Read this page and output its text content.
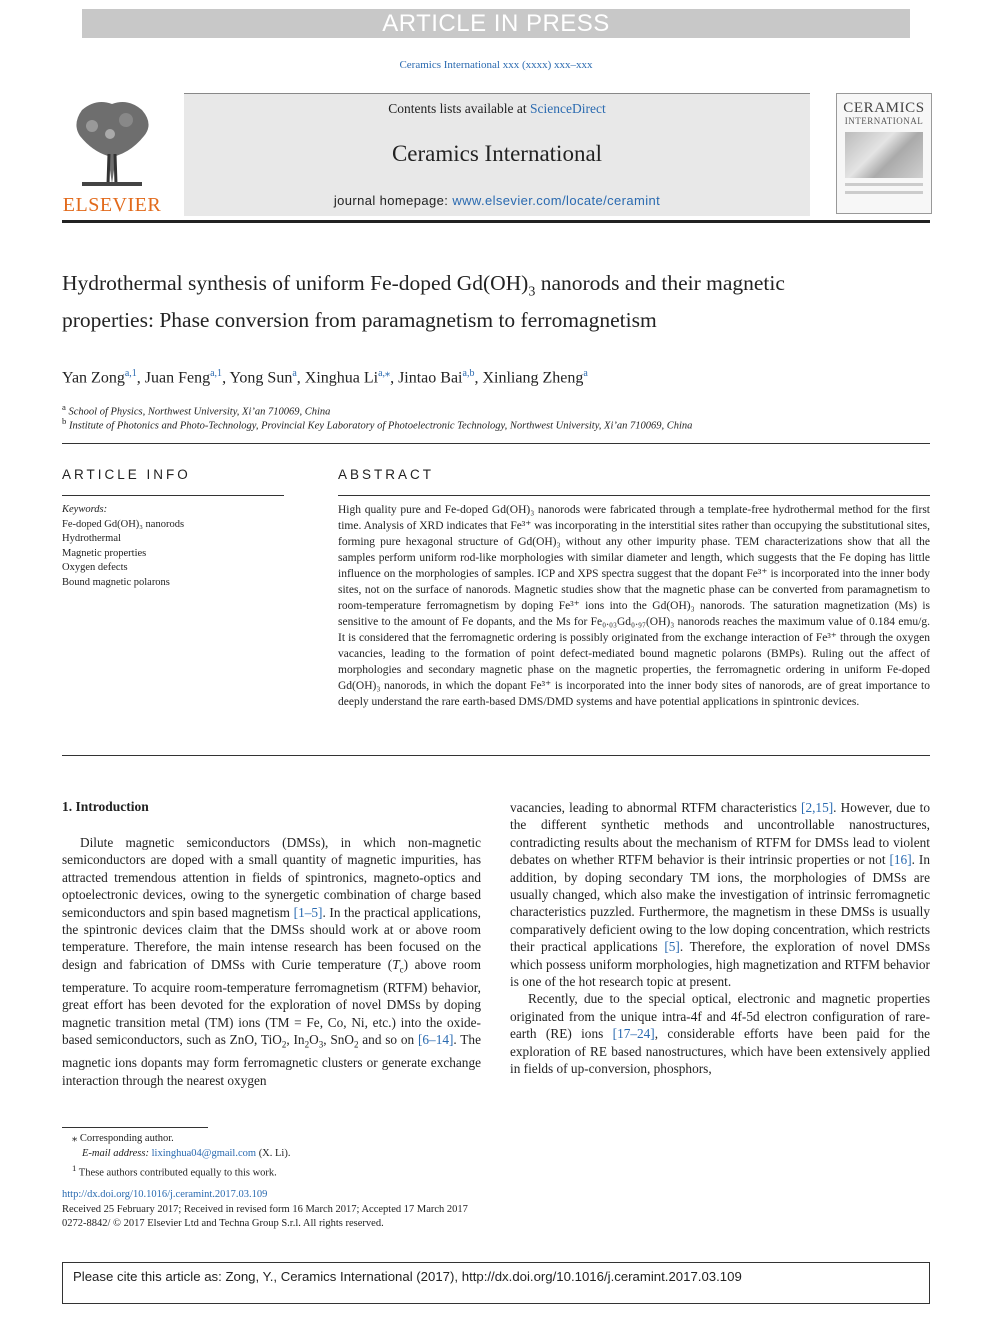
ARTICLE IN PRESS
Ceramics International xxx (xxxx) xxx–xxx
ELSEVIER
Contents lists available at ScienceDirect
Ceramics International
journal homepage: www.elsevier.com/locate/ceramint
CERAMICS
INTERNATIONAL
Hydrothermal synthesis of uniform Fe-doped $Gd(OH)_3$ nanorods and their magnetic properties: Phase conversion from paramagnetism to ferromagnetism
Yan Zong$^{a,1}$, Juan Feng$^{a,1}$, Yong Sun$^a$, Xinghua $Li^{a,⁎}$, Jintao Bai$^{a,b}$, Xinliang Zheng$^a$
$^a$ School of Physics, Northwest University, Xi’an 710069, China
$^b$ Institute of Photonics and Photo-Technology, Provincial Key Laboratory of Photoelectronic Technology, Northwest University, Xi’an 710069, China
ARTICLE INFO
Keywords:
Fe-doped Gd(OH)₃ nanorods
Hydrothermal
Magnetic properties
Oxygen defects
Bound magnetic polarons
ABSTRACT
High quality pure and Fe-doped Gd(OH)₃ nanorods were fabricated through a template-free hydrothermal method for the first time. Analysis of XRD indicates that Fe³⁺ was incorporating in the interstitial sites rather than occupying the substitutional sites, forming pure hexagonal structure of Gd(OH)₃ without any other impurity phase. TEM characterizations show that all the samples perform uniform rod-like morphologies with similar diameter and length, which suggests that the Fe doping has little influence on the morphologies of samples. ICP and XPS spectra suggest that the dopant Fe³⁺ is incorporated into the inner body sites, not on the surface of nanorods. Magnetic studies show that the magnetic phase can be converted from paramagnetism to room-temperature ferromagnetism by doping Fe³⁺ ions into the Gd(OH)₃ nanorods. The saturation magnetization (Ms) is sensitive to the amount of Fe dopants, and the Ms for Fe₀.₀₃Gd₀.₉₇(OH)₃ nanorods reaches the maximum value of 0.184 emu/g. It is considered that the ferromagnetic ordering is possibly originated from the exchange interaction of Fe³⁺ through the oxygen vacancies, leading to the formation of point defect-mediated bound magnetic polarons (BMPs). Ruling out the affect of morphologies and secondary magnetic phase on the magnetic properties, the ferromagnetic ordering in uniform Fe-doped Gd(OH)₃ nanorods, in which the dopant Fe³⁺ is incorporated into the inner body sites of nanorods, are of great importance to deeply understand the rare earth-based DMS/DMD systems and have potential applications in spintronic devices.
1. Introduction

Dilute magnetic semiconductors (DMSs), in which non-magnetic semiconductors are doped with a small quantity of magnetic impurities, has attracted tremendous attention in fields of spintronics, magneto-optics and optoelectronic devices, owing to the synergetic combination of charge based semiconductors and spin based magnetism [1–5]. In the practical applications, the spintronic devices claim that the DMSs should work at or above room temperature. Therefore, the main intense research has been focused on the design and fabrication of DMSs with Curie temperature $(T_c)$ above room temperature. To acquire room-temperature ferromagnetism (RTFM) behavior, great effort has been devoted for the exploration of novel DMSs by doping magnetic transition metal (TM) ions (TM = Fe, Co, Ni, etc.) into the oxide-based semiconductors, such as ZnO, TiO$_2$, $In_2O_3$, SnO$_2$ and so on [6–14]. The magnetic ions dopants may form ferromagnetic clusters or generate exchange interaction through the nearest oxygen

vacancies, leading to abnormal RTFM characteristics [2,15]. However, due to the different synthetic methods and uncontrollable nanostructures, contradicting results about the mechanism of RTFM for DMSs lead to violent debates on whether RTFM behavior is their intrinsic properties or not [16]. In addition, by doping secondary TM ions, the morphologies of DMSs are usually changed, which also make the investigation of intrinsic ferromagnetic characteristics puzzled. Furthermore, the magnetism in these DMSs is usually comparatively deficient owing to the low doping concentration, which restricts their practical applications [5]. Therefore, the exploration of novel DMSs which possess uniform morphologies, high magnetization and RTFM behavior is one of the hot research topic at present.

Recently, due to the special optical, electronic and magnetic properties originated from the unique intra-4f and 4f-5d electron configuration of rare-earth (RE) ions [17–24], considerable efforts have been paid for the exploration of RE based nanostructures, which have been extensively applied in fields of up-conversion, phosphors,

⁎ Corresponding author.
E-mail address: lixinghua04@gmail.com (X. Li).
$^1$ These authors contributed equally to this work.
http://dx.doi.org/10.1016/j.ceramint.2017.03.109
Received 25 February 2017; Received in revised form 16 March 2017; Accepted 17 March 2017
0272-8842/ © 2017 Elsevier Ltd and Techna Group S.r.l. All rights reserved.
Please cite this article as: Zong, Y., Ceramics International (2017), http://dx.doi.org/10.1016/j.ceramint.2017.03.109
